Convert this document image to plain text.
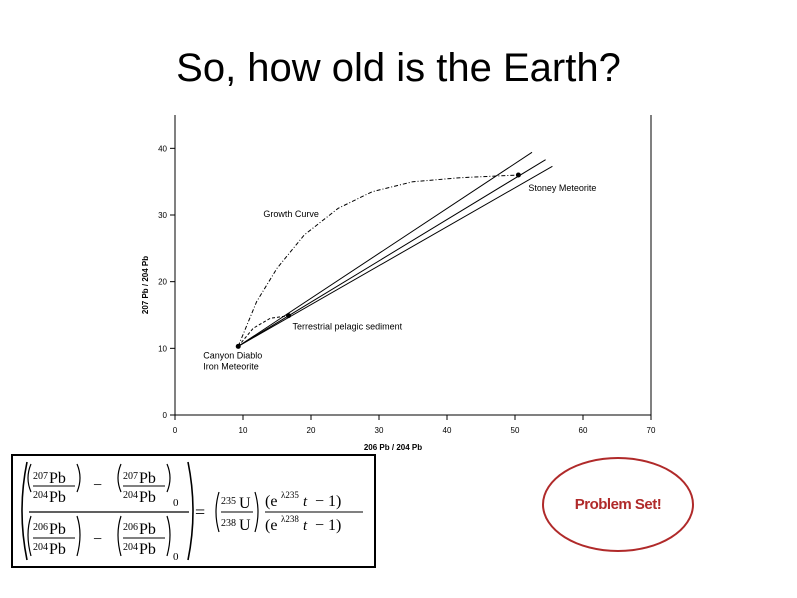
So, how old is the Earth?
0	10	20	30	40	50	60	70
0
10
20
30
40
206 Pb / 204 Pb
207 Pb / 204 Pb
Canyon Diablo
Iron Meteorite
Terrestrial pelagic sediment
Stoney Meteorite
Growth Curve
207 Pb
204 Pb
−
207 Pb
204 Pb 0
206 Pb
204 Pb
−
206 Pb
204 Pb 0
=
235 U
238 U
(e λ235 t − 1)
(e λ238 t − 1)
Problem Set!
